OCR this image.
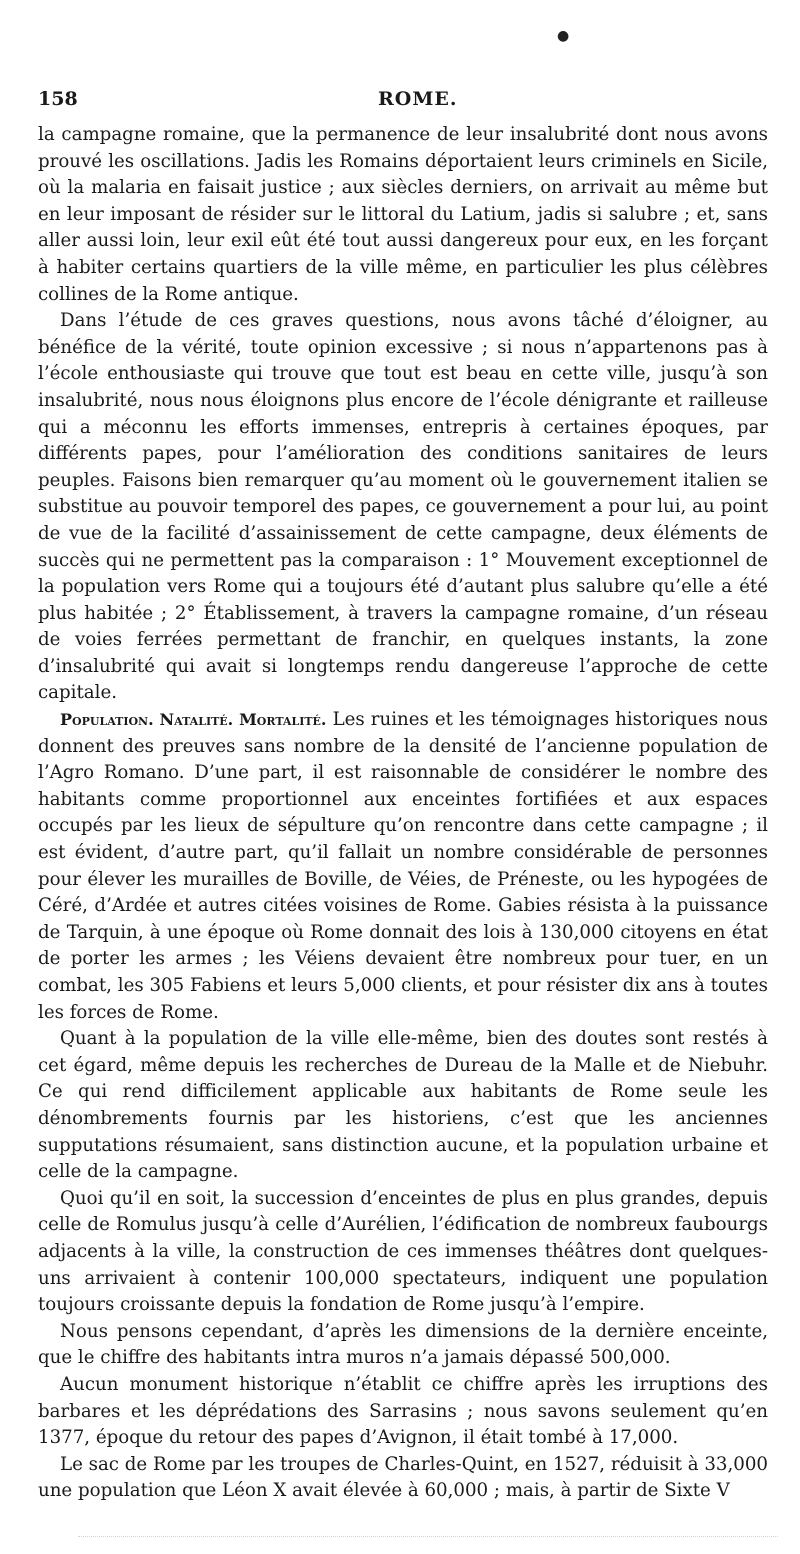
●
158	ROME.

la campagne romaine, que la permanence de leur insalubrité dont nous avons prouvé les oscillations. Jadis les Romains déportaient leurs criminels en Sicile, où la malaria en faisait justice ; aux siècles derniers, on arrivait au même but en leur imposant de résider sur le littoral du Latium, jadis si salubre ; et, sans aller aussi loin, leur exil eût été tout aussi dangereux pour eux, en les forçant à habiter certains quartiers de la ville même, en particulier les plus célèbres collines de la Rome antique.

Dans l’étude de ces graves questions, nous avons tâché d’éloigner, au bénéfice de la vérité, toute opinion excessive ; si nous n’appartenons pas à l’école enthousiaste qui trouve que tout est beau en cette ville, jusqu’à son insalubrité, nous nous éloignons plus encore de l’école dénigrante et railleuse qui a méconnu les efforts immenses, entrepris à certaines époques, par différents papes, pour l’amélioration des conditions sanitaires de leurs peuples. Faisons bien remarquer qu’au moment où le gouvernement italien se substitue au pouvoir temporel des papes, ce gouvernement a pour lui, au point de vue de la facilité d’assainissement de cette campagne, deux éléments de succès qui ne permettent pas la comparaison : 1° Mouvement exceptionnel de la population vers Rome qui a toujours été d’autant plus salubre qu’elle a été plus habitée ; 2° Établissement, à travers la campagne romaine, d’un réseau de voies ferrées permettant de franchir, en quelques instants, la zone d’insalubrité qui avait si longtemps rendu dangereuse l’approche de cette capitale.

Population. Natalité. Mortalité. Les ruines et les témoignages historiques nous donnent des preuves sans nombre de la densité de l’ancienne population de l’Agro Romano. D’une part, il est raisonnable de considérer le nombre des habitants comme proportionnel aux enceintes fortifiées et aux espaces occupés par les lieux de sépulture qu’on rencontre dans cette campagne ; il est évident, d’autre part, qu’il fallait un nombre considérable de personnes pour élever les murailles de Boville, de Véies, de Préneste, ou les hypogées de Céré, d’Ardée et autres citées voisines de Rome. Gabies résista à la puissance de Tarquin, à une époque où Rome donnait des lois à 130,000 citoyens en état de porter les armes ; les Véiens devaient être nombreux pour tuer, en un combat, les 305 Fabiens et leurs 5,000 clients, et pour résister dix ans à toutes les forces de Rome.

Quant à la population de la ville elle-même, bien des doutes sont restés à cet égard, même depuis les recherches de Dureau de la Malle et de Niebuhr. Ce qui rend difficilement applicable aux habitants de Rome seule les dénombrements fournis par les historiens, c’est que les anciennes supputations résumaient, sans distinction aucune, et la population urbaine et celle de la campagne.

Quoi qu’il en soit, la succession d’enceintes de plus en plus grandes, depuis celle de Romulus jusqu’à celle d’Aurélien, l’édification de nombreux faubourgs adjacents à la ville, la construction de ces immenses théâtres dont quelques-uns arrivaient à contenir 100,000 spectateurs, indiquent une population toujours croissante depuis la fondation de Rome jusqu’à l’empire.

Nous pensons cependant, d’après les dimensions de la dernière enceinte, que le chiffre des habitants intra muros n’a jamais dépassé 500,000.

Aucun monument historique n’établit ce chiffre après les irruptions des barbares et les déprédations des Sarrasins ; nous savons seulement qu’en 1377, époque du retour des papes d’Avignon, il était tombé à 17,000.

Le sac de Rome par les troupes de Charles-Quint, en 1527, réduisit à 33,000 une population que Léon X avait élevée à 60,000 ; mais, à partir de Sixte V
